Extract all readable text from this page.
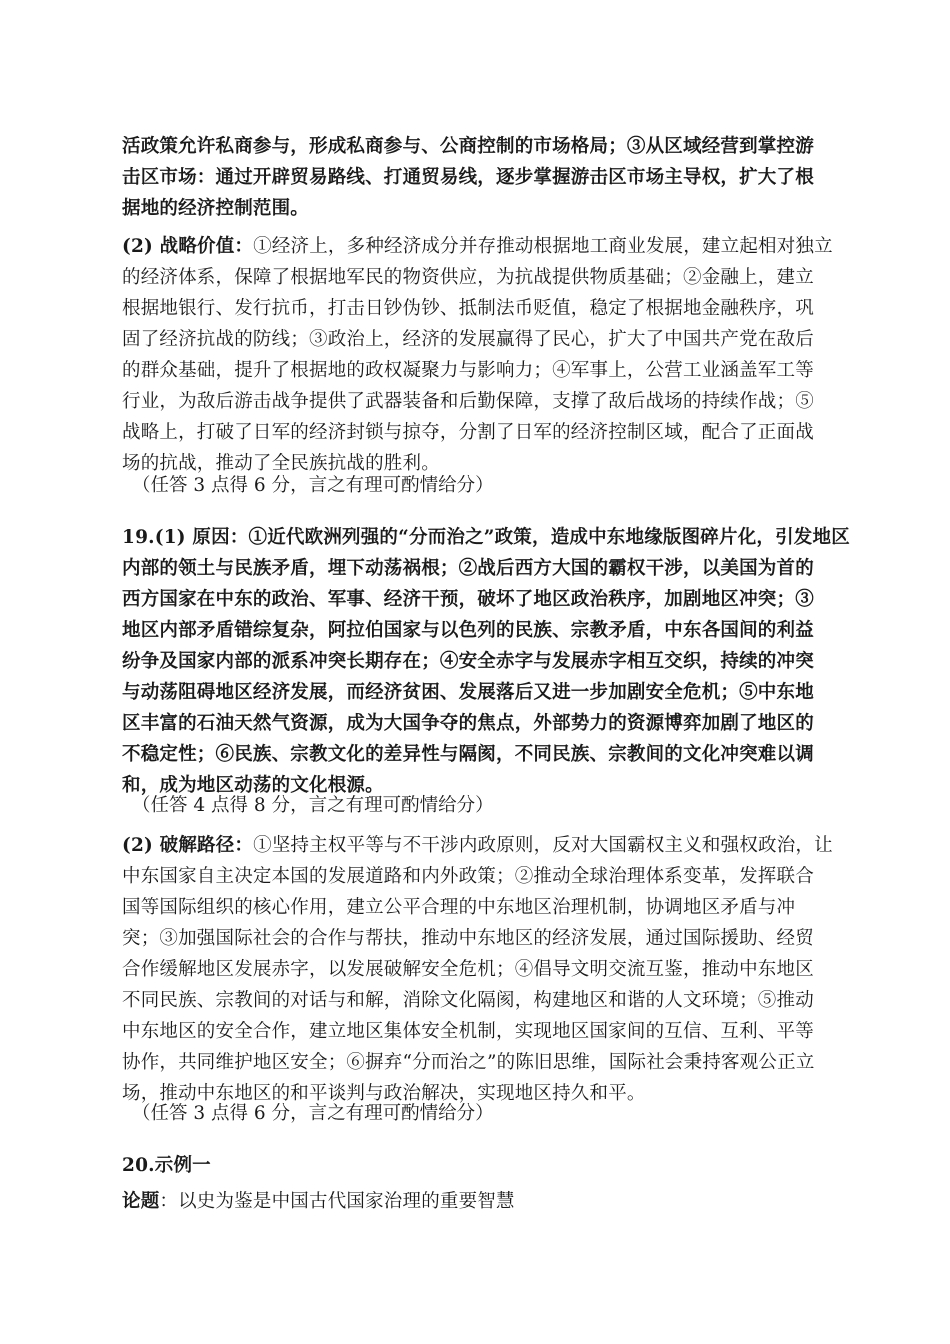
活政策允许私商参与，形成私商参与、公商控制的市场格局；③从区域经营到掌控游
击区市场：通过开辟贸易路线、打通贸易线，逐步掌握游击区市场主导权，扩大了根
据地的经济控制范围。
(2) 战略价值：①经济上，多种经济成分并存推动根据地工商业发展，建立起相对独立
的经济体系，保障了根据地军民的物资供应，为抗战提供物质基础；②金融上，建立
根据地银行、发行抗币，打击日钞伪钞、抵制法币贬值，稳定了根据地金融秩序，巩
固了经济抗战的防线；③政治上，经济的发展赢得了民心，扩大了中国共产党在敌后
的群众基础，提升了根据地的政权凝聚力与影响力；④军事上，公营工业涵盖军工等
行业，为敌后游击战争提供了武器装备和后勤保障，支撑了敌后战场的持续作战；⑤
战略上，打破了日军的经济封锁与掠夺，分割了日军的经济控制区域，配合了正面战
场的抗战，推动了全民族抗战的胜利。
（任答 3 点得 6 分，言之有理可酌情给分）
19.(1) 原因：①近代欧洲列强的“分而治之”政策，造成中东地缘版图碎片化，引发地区
内部的领土与民族矛盾，埋下动荡祸根；②战后西方大国的霸权干涉，以美国为首的
西方国家在中东的政治、军事、经济干预，破坏了地区政治秩序，加剧地区冲突；③
地区内部矛盾错综复杂，阿拉伯国家与以色列的民族、宗教矛盾，中东各国间的利益
纷争及国家内部的派系冲突长期存在；④安全赤字与发展赤字相互交织，持续的冲突
与动荡阻碍地区经济发展，而经济贫困、发展落后又进一步加剧安全危机；⑤中东地
区丰富的石油天然气资源，成为大国争夺的焦点，外部势力的资源博弈加剧了地区的
不稳定性；⑥民族、宗教文化的差异性与隔阂，不同民族、宗教间的文化冲突难以调
和，成为地区动荡的文化根源。
（任答 4 点得 8 分，言之有理可酌情给分）
(2) 破解路径：①坚持主权平等与不干涉内政原则，反对大国霸权主义和强权政治，让
中东国家自主决定本国的发展道路和内外政策；②推动全球治理体系变革，发挥联合
国等国际组织的核心作用，建立公平合理的中东地区治理机制，协调地区矛盾与冲
突；③加强国际社会的合作与帮扶，推动中东地区的经济发展，通过国际援助、经贸
合作缓解地区发展赤字，以发展破解安全危机；④倡导文明交流互鉴，推动中东地区
不同民族、宗教间的对话与和解，消除文化隔阂，构建地区和谐的人文环境；⑤推动
中东地区的安全合作，建立地区集体安全机制，实现地区国家间的互信、互利、平等
协作，共同维护地区安全；⑥摒弃“分而治之”的陈旧思维，国际社会秉持客观公正立
场，推动中东地区的和平谈判与政治解决，实现地区持久和平。
（任答 3 点得 6 分，言之有理可酌情给分）
20.示例一
论题：以史为鉴是中国古代国家治理的重要智慧
